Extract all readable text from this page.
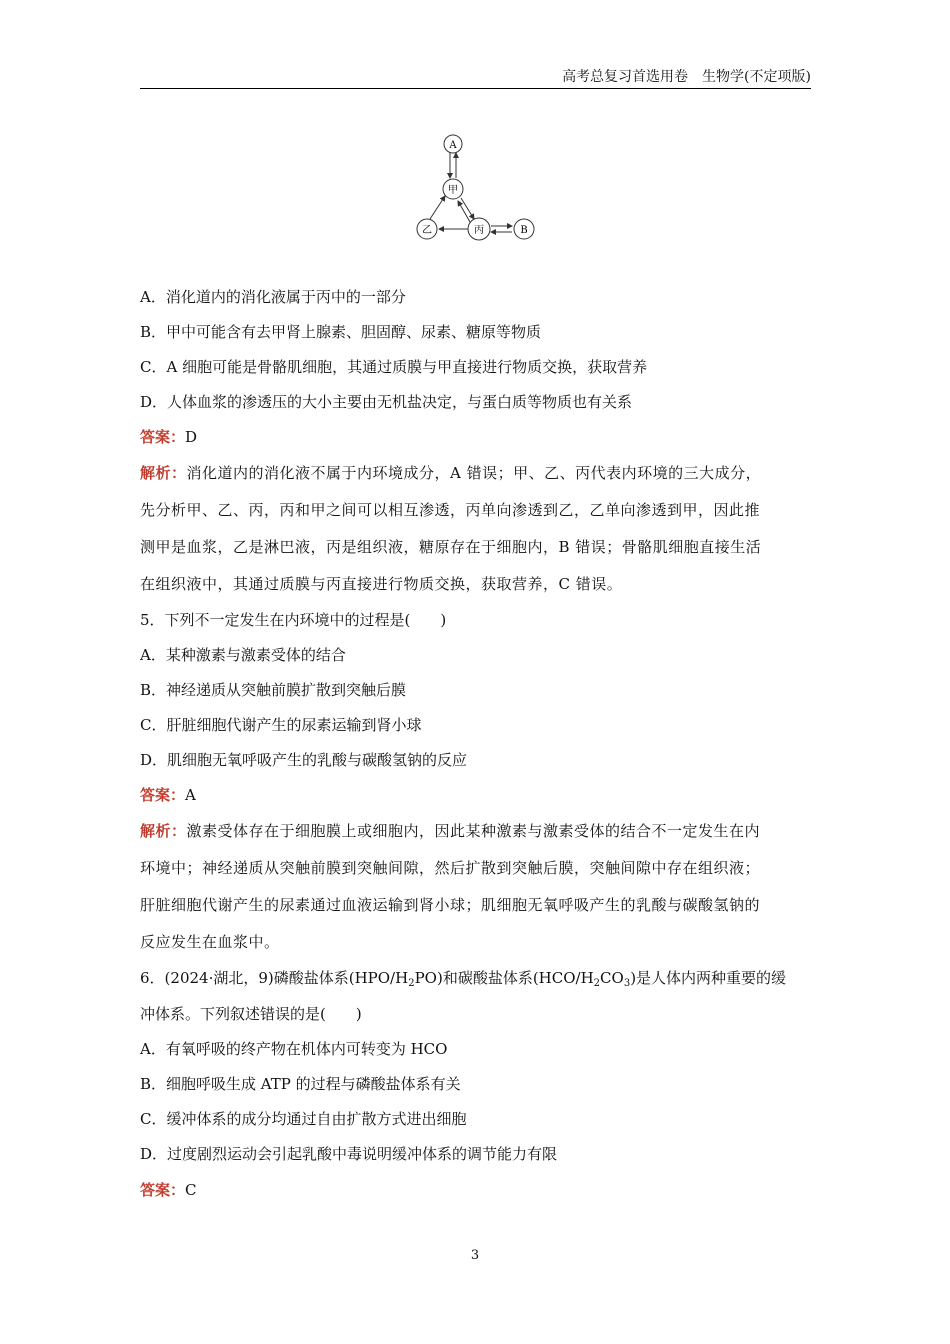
高考总复习首选用卷　生物学(不定项版)
A
甲
乙	丙	B
A．消化道内的消化液属于丙中的一部分
B．甲中可能含有去甲肾上腺素、胆固醇、尿素、糖原等物质
C．A 细胞可能是骨骼肌细胞，其通过质膜与甲直接进行物质交换，获取营养
D．人体血浆的渗透压的大小主要由无机盐决定，与蛋白质等物质也有关系
答案：D
解析：消化道内的消化液不属于内环境成分，A 错误；甲、乙、丙代表内环境的三大成分，
先分析甲、乙、丙，丙和甲之间可以相互渗透，丙单向渗透到乙，乙单向渗透到甲，因此推
测甲是血浆，乙是淋巴液，丙是组织液，糖原存在于细胞内，B 错误；骨骼肌细胞直接生活
在组织液中，其通过质膜与丙直接进行物质交换，获取营养，C 错误。
5．下列不一定发生在内环境中的过程是(　　)
A．某种激素与激素受体的结合
B．神经递质从突触前膜扩散到突触后膜
C．肝脏细胞代谢产生的尿素运输到肾小球
D．肌细胞无氧呼吸产生的乳酸与碳酸氢钠的反应
答案：A
解析：激素受体存在于细胞膜上或细胞内，因此某种激素与激素受体的结合不一定发生在内
环境中；神经递质从突触前膜到突触间隙，然后扩散到突触后膜，突触间隙中存在组织液；
肝脏细胞代谢产生的尿素通过血液运输到肾小球；肌细胞无氧呼吸产生的乳酸与碳酸氢钠的
反应发生在血浆中。
6．(2024·湖北，9)磷酸盐体系$(HPO/H_2PO)$和碳酸盐体系$(HCO/H_2CO_3)$是人体内两种重要的缓
冲体系。下列叙述错误的是(　　)
A．有氧呼吸的终产物在机体内可转变为 HCO
B．细胞呼吸生成 ATP 的过程与磷酸盐体系有关
C．缓冲体系的成分均通过自由扩散方式进出细胞
D．过度剧烈运动会引起乳酸中毒说明缓冲体系的调节能力有限
答案：C
3
